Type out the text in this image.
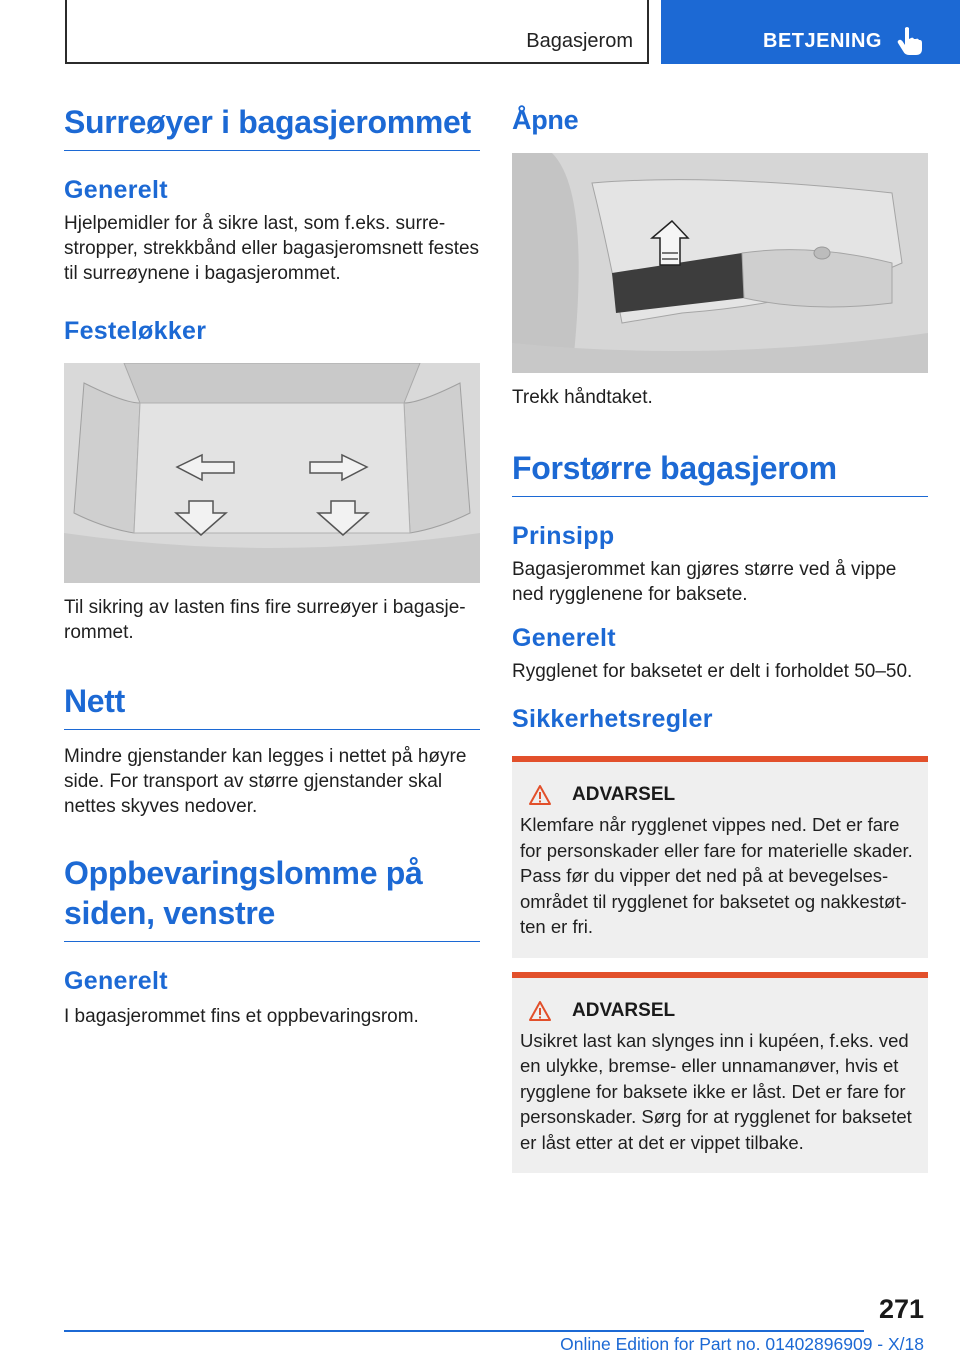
Bagasjerom	BETJENING
Surreøyer i bagasjerommet
Generelt

Hjelpemidler for å sikre last, som f.eks. surrestropper, strekkbånd eller bagasjeromsnett festes til surreøynene i bagasjerommet.

Festeløkker

Til sikring av lasten fins fire surreøyer i bagasjerommet.

Nett

Mindre gjenstander kan legges i nettet på høyre side. For transport av større gjenstander skal nettes skyves nedover.

Oppbevaringslomme på siden, venstre
Generelt

I bagasjerommet fins et oppbevaringsrom.

Åpne

Trekk håndtaket.

Forstørre bagasjerom
Prinsipp

Bagasjerommet kan gjøres større ved å vippe ned rygglenene for baksete.

Generelt

Rygglenet for baksetet er delt i forholdet 50–50.

Sikkerhetsregler
ADVARSEL

Klemfare når rygglenet vippes ned. Det er fare for personskader eller fare for materielle skader. Pass før du vipper det ned på at bevegelsesområdet til rygglenet for baksetet og nakkestøtten er fri.

ADVARSEL

Usikret last kan slynges inn i kupéen, f.eks. ved en ulykke, bremse- eller unnamanøver, hvis et rygglene for baksete ikke er låst. Det er fare for personskader. Sørg for at rygglenet for baksetet er låst etter at det er vippet tilbake.

271
Online Edition for Part no. 01402896909 - X/18
